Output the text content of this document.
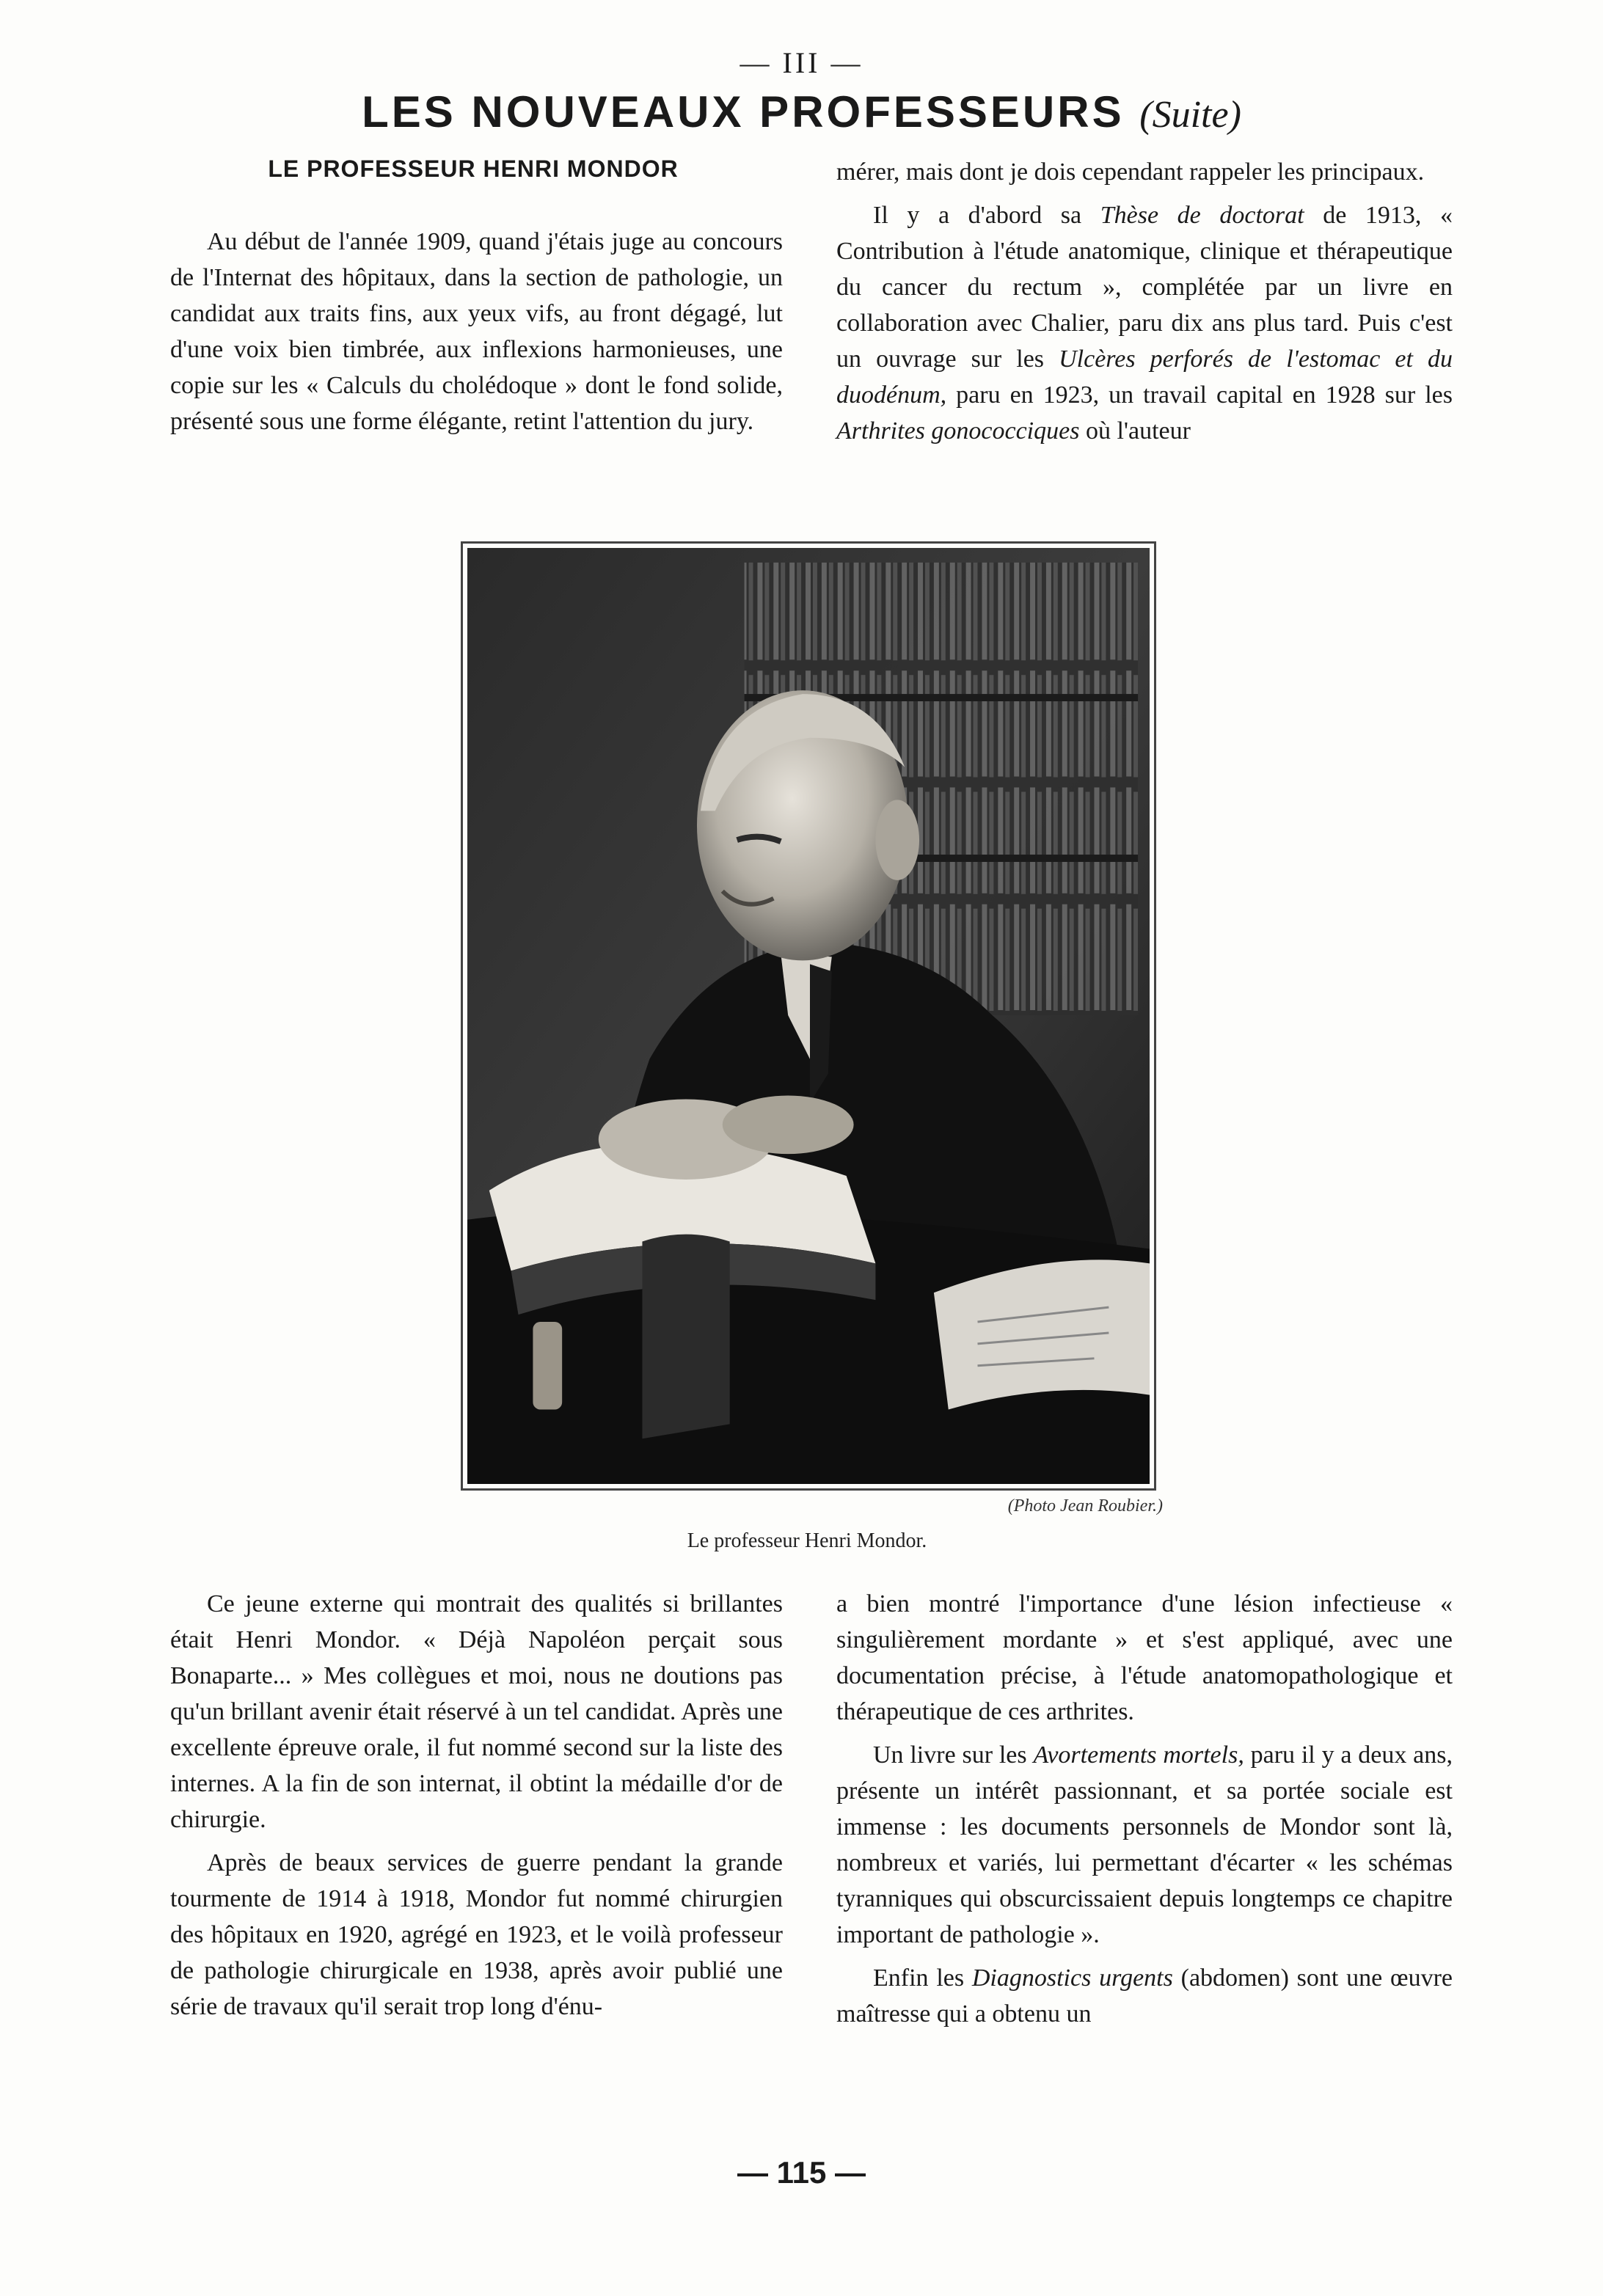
— III —
LES NOUVEAUX PROFESSEURS (Suite)
LE PROFESSEUR HENRI MONDOR

Au début de l'année 1909, quand j'étais juge au concours de l'Internat des hôpitaux, dans la section de pathologie, un candidat aux traits fins, aux yeux vifs, au front dégagé, lut d'une voix bien timbrée, aux inflexions harmonieuses, une copie sur les « Calculs du cholédoque » dont le fond solide, présenté sous une forme élégante, retint l'attention du jury.

mérer, mais dont je dois cependant rappeler les principaux.

Il y a d'abord sa Thèse de doctorat de 1913, « Contribution à l'étude anatomique, clinique et thérapeutique du cancer du rectum », complétée par un livre en collaboration avec Chalier, paru dix ans plus tard. Puis c'est un ouvrage sur les Ulcères perforés de l'estomac et du duodénum, paru en 1923, un travail capital en 1928 sur les Arthrites gonococciques où l'auteur

(Photo Jean Roubier.)
Le professeur Henri Mondor.

Ce jeune externe qui montrait des qualités si brillantes était Henri Mondor. « Déjà Napoléon perçait sous Bonaparte... » Mes collègues et moi, nous ne doutions pas qu'un brillant avenir était réservé à un tel candidat. Après une excellente épreuve orale, il fut nommé second sur la liste des internes. A la fin de son internat, il obtint la médaille d'or de chirurgie.

Après de beaux services de guerre pendant la grande tourmente de 1914 à 1918, Mondor fut nommé chirurgien des hôpitaux en 1920, agrégé en 1923, et le voilà professeur de pathologie chirurgicale en 1938, après avoir publié une série de travaux qu'il serait trop long d'énu-

a bien montré l'importance d'une lésion infectieuse « singulièrement mordante » et s'est appliqué, avec une documentation précise, à l'étude anatomopathologique et thérapeutique de ces arthrites.

Un livre sur les Avortements mortels, paru il y a deux ans, présente un intérêt passionnant, et sa portée sociale est immense : les documents personnels de Mondor sont là, nombreux et variés, lui permettant d'écarter « les schémas tyranniques qui obscurcissaient depuis longtemps ce chapitre important de pathologie ».

Enfin les Diagnostics urgents (abdomen) sont une œuvre maîtresse qui a obtenu un

— 115 —
